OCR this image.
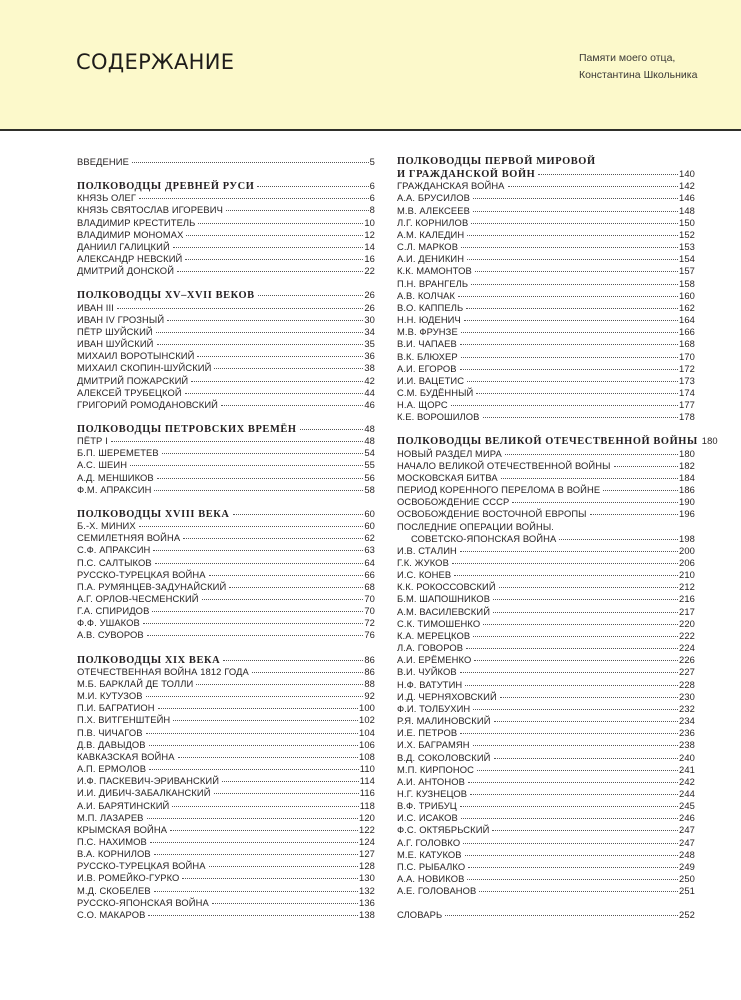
СОДЕРЖАНИЕ	Памяти моего отца,
Константина Школьника
ВВЕДЕНИЕ	5
ПОЛКОВОДЦЫ ДРЕВНЕЙ РУСИ	6
КНЯЗЬ ОЛЕГ	6
КНЯЗЬ СВЯТОСЛАВ ИГОРЕВИЧ	8
ВЛАДИМИР КРЕСТИТЕЛЬ	10
ВЛАДИМИР МОНОМАХ	12
ДАНИИЛ ГАЛИЦКИЙ	14
АЛЕКСАНДР НЕВСКИЙ	16
ДМИТРИЙ ДОНСКОЙ	22
ПОЛКОВОДЦЫ XV–XVII ВЕКОВ	26
ИВАН III	26
ИВАН IV ГРОЗНЫЙ	30
ПЁТР ШУЙСКИЙ	34
ИВАН ШУЙСКИЙ	35
МИХАИЛ ВОРОТЫНСКИЙ	36
МИХАИЛ СКОПИН-ШУЙСКИЙ	38
ДМИТРИЙ ПОЖАРСКИЙ	42
АЛЕКСЕЙ ТРУБЕЦКОЙ	44
ГРИГОРИЙ РОМОДАНОВСКИЙ	46
ПОЛКОВОДЦЫ ПЕТРОВСКИХ ВРЕМЁН	48
ПЁТР I	48
Б.П. ШЕРЕМЕТЕВ	54
А.С. ШЕИН	55
А.Д. МЕНШИКОВ	56
Ф.М. АПРАКСИН	58
ПОЛКОВОДЦЫ XVIII ВЕКА	60
Б.-Х. МИНИХ	60
СЕМИЛЕТНЯЯ ВОЙНА	62
С.Ф. АПРАКСИН	63
П.С. САЛТЫКОВ	64
РУССКО-ТУРЕЦКАЯ ВОЙНА	66
П.А. РУМЯНЦЕВ-ЗАДУНАЙСКИЙ	68
А.Г. ОРЛОВ-ЧЕСМЕНСКИЙ	70
Г.А. СПИРИДОВ	70
Ф.Ф. УШАКОВ	72
А.В. СУВОРОВ	76
ПОЛКОВОДЦЫ XIX ВЕКА	86
ОТЕЧЕСТВЕННАЯ ВОЙНА 1812 ГОДА	86
М.Б. БАРКЛАЙ ДЕ ТОЛЛИ	88
М.И. КУТУЗОВ	92
П.И. БАГРАТИОН	100
П.Х. ВИТГЕНШТЕЙН	102
П.В. ЧИЧАГОВ	104
Д.В. ДАВЫДОВ	106
КАВКАЗСКАЯ ВОЙНА	108
А.П. ЕРМОЛОВ	110
И.Ф. ПАСКЕВИЧ-ЭРИВАНСКИЙ	114
И.И. ДИБИЧ-ЗАБАЛКАНСКИЙ	116
А.И. БАРЯТИНСКИЙ	118
М.П. ЛАЗАРЕВ	120
КРЫМСКАЯ ВОЙНА	122
П.С. НАХИМОВ	124
В.А. КОРНИЛОВ	127
РУССКО-ТУРЕЦКАЯ ВОЙНА	128
И.В. РОМЕЙКО-ГУРКО	130
М.Д. СКОБЕЛЕВ	132
РУССКО-ЯПОНСКАЯ ВОЙНА	136
С.О. МАКАРОВ	138
ПОЛКОВОДЦЫ ПЕРВОЙ МИРОВОЙ
И ГРАЖДАНСКОЙ ВОЙН	140
ГРАЖДАНСКАЯ ВОЙНА	142
А.А. БРУСИЛОВ	146
М.В. АЛЕКСЕЕВ	148
Л.Г. КОРНИЛОВ	150
А.М. КАЛЕДИН	152
С.Л. МАРКОВ	153
А.И. ДЕНИКИН	154
К.К. МАМОНТОВ	157
П.Н. ВРАНГЕЛЬ	158
А.В. КОЛЧАК	160
В.О. КАППЕЛЬ	162
Н.Н. ЮДЕНИЧ	164
М.В. ФРУНЗЕ	166
В.И. ЧАПАЕВ	168
В.К. БЛЮХЕР	170
А.И. ЕГОРОВ	172
И.И. ВАЦЕТИС	173
С.М. БУДЁННЫЙ	174
Н.А. ЩОРС	177
К.Е. ВОРОШИЛОВ	178
ПОЛКОВОДЦЫ ВЕЛИКОЙ ОТЕЧЕСТВЕННОЙ ВОЙНЫ 180
НОВЫЙ РАЗДЕЛ МИРА	180
НАЧАЛО ВЕЛИКОЙ ОТЕЧЕСТВЕННОЙ ВОЙНЫ	182
МОСКОВСКАЯ БИТВА	184
ПЕРИОД КОРЕННОГО ПЕРЕЛОМА В ВОЙНЕ	186
ОСВОБОЖДЕНИЕ СССР	190
ОСВОБОЖДЕНИЕ ВОСТОЧНОЙ ЕВРОПЫ	196
ПОСЛЕДНИЕ ОПЕРАЦИИ ВОЙНЫ.
СОВЕТСКО-ЯПОНСКАЯ ВОЙНА	198
И.В. СТАЛИН	200
Г.К. ЖУКОВ	206
И.С. КОНЕВ	210
К.К. РОКОССОВСКИЙ	212
Б.М. ШАПОШНИКОВ	216
А.М. ВАСИЛЕВСКИЙ	217
С.К. ТИМОШЕНКО	220
К.А. МЕРЕЦКОВ	222
Л.А. ГОВОРОВ	224
А.И. ЕРЁМЕНКО	226
В.И. ЧУЙКОВ	227
Н.Ф. ВАТУТИН	228
И.Д. ЧЕРНЯХОВСКИЙ	230
Ф.И. ТОЛБУХИН	232
Р.Я. МАЛИНОВСКИЙ	234
И.Е. ПЕТРОВ	236
И.Х. БАГРАМЯН	238
В.Д. СОКОЛОВСКИЙ	240
М.П. КИРПОНОС	241
А.И. АНТОНОВ	242
Н.Г. КУЗНЕЦОВ	244
В.Ф. ТРИБУЦ	245
И.С. ИСАКОВ	246
Ф.С. ОКТЯБРЬСКИЙ	247
А.Г. ГОЛОВКО	247
М.Е. КАТУКОВ	248
П.С. РЫБАЛКО	249
А.А. НОВИКОВ	250
А.Е. ГОЛОВАНОВ	251
СЛОВАРЬ	252
